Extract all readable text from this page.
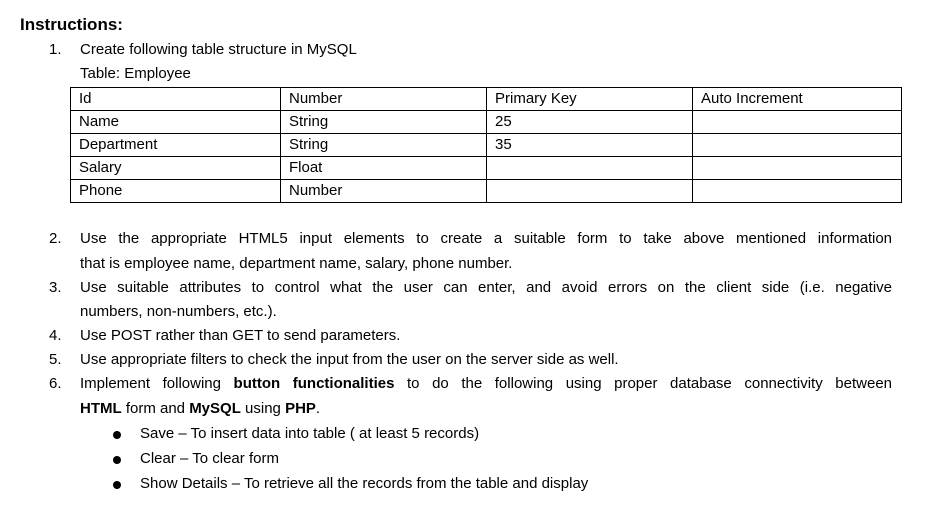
Instructions:
1.	Create following table structure in MySQL
Table: Employee
Id	Number	Primary Key	Auto Increment
Name	String	25	
Department	String	35	
Salary	Float		
Phone	Number		
2.	Use the appropriate HTML5 input elements to create a suitable form to take above mentioned information
that is employee name, department name, salary, phone number.
3.	Use suitable attributes to control what the user can enter, and avoid errors on the client side (i.e. negative
numbers, non-numbers, etc.).
4.	Use POST rather than GET to send parameters.
5.	Use appropriate filters to check the input from the user on the server side as well.
6.	Implement following button functionalities to do the following using proper database connectivity between
HTML form and MySQL using PHP.
Save – To insert data into table ( at least 5 records)
Clear – To clear form
Show Details – To retrieve all the records from the table and display
